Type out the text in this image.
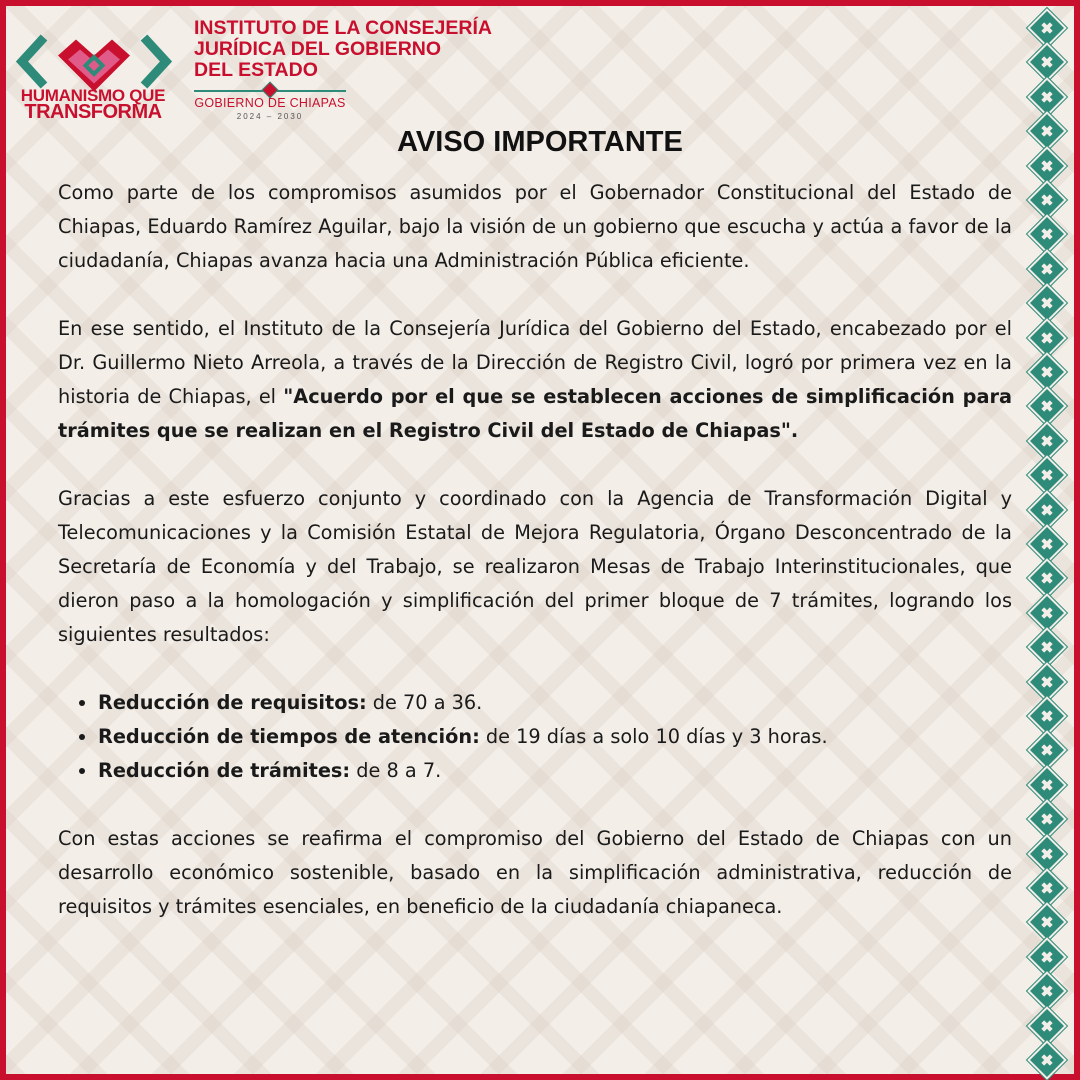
HUMANISMO QUE
TRANSFORMA
INSTITUTO DE LA CONSEJERÍA
JURÍDICA DEL GOBIERNO
DEL ESTADO
GOBIERNO DE CHIAPAS
2024 – 2030
AVISO IMPORTANTE

Como parte de los compromisos asumidos por el Gobernador Constitucional del Estado de Chiapas, Eduardo Ramírez Aguilar, bajo la visión de un gobierno que escucha y actúa a favor de la ciudadanía, Chiapas avanza hacia una Administración Pública eficiente.

En ese sentido, el Instituto de la Consejería Jurídica del Gobierno del Estado, encabezado por el Dr. Guillermo Nieto Arreola, a través de la Dirección de Registro Civil, logró por primera vez en la historia de Chiapas, el "Acuerdo por el que se establecen acciones de simplificación para trámites que se realizan en el Registro Civil del Estado de Chiapas".

Gracias a este esfuerzo conjunto y coordinado con la Agencia de Transformación Digital y Telecomunicaciones y la Comisión Estatal de Mejora Regulatoria, Órgano Desconcentrado de la Secretaría de Economía y del Trabajo, se realizaron Mesas de Trabajo Interinstitucionales, que dieron paso a la homologación y simplificación del primer bloque de 7 trámites, logrando los siguientes resultados:

• Reducción de requisitos: de 70 a 36.
• Reducción de tiempos de atención: de 19 días a solo 10 días y 3 horas.
• Reducción de trámites: de 8 a 7.

Con estas acciones se reafirma el compromiso del Gobierno del Estado de Chiapas con un desarrollo económico sostenible, basado en la simplificación administrativa, reducción de requisitos y trámites esenciales, en beneficio de la ciudadanía chiapaneca.
